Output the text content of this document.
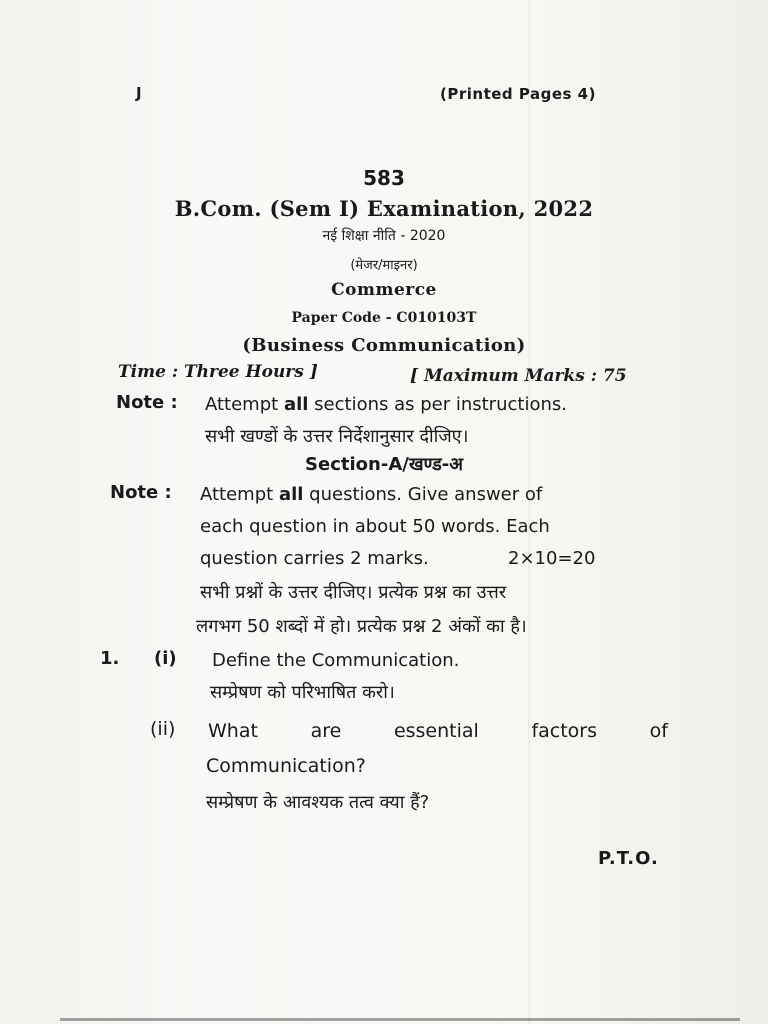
J	(Printed Pages 4)
583
B.Com. (Sem I) Examination, 2022
नई शिक्षा नीति - 2020
(मेजर/माइनर)
Commerce
Paper Code - C010103T
(Business Communication)
Time : Three Hours ]	[ Maximum Marks : 75
Note : Attempt all sections as per instructions.
सभी खण्डों के उत्तर निर्देशानुसार दीजिए।
Section-A/खण्ड-अ
Note : Attempt all questions. Give answer of
each question in about 50 words. Each
question carries 2 marks.	2×10=20
सभी प्रश्नों के उत्तर दीजिए। प्रत्येक प्रश्न का उत्तर
लगभग 50 शब्दों में हो। प्रत्येक प्रश्न 2 अंकों का है।
1. (i) Define the Communication.
सम्प्रेषण को परिभाषित करो।
(ii) What	are	essential	factors	of
Communication?
सम्प्रेषण के आवश्यक तत्व क्या हैं?
P.T.O.
